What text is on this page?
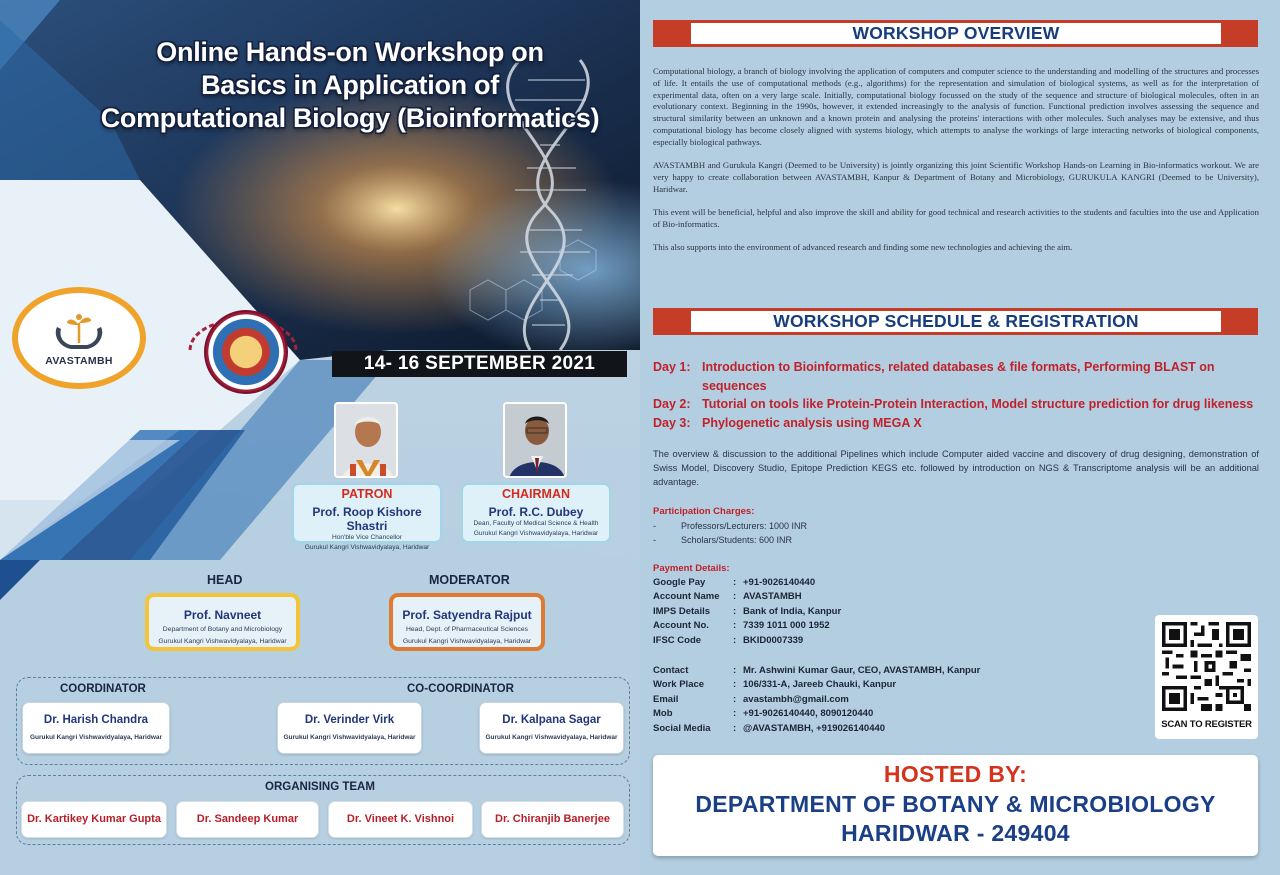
Online Hands-on Workshop on
Basics in Application of
Computational Biology (Bioinformatics)
AVASTAMBH	14- 16 SEPTEMBER 2021
PATRON
Prof. Roop Kishore Shastri
Hon'ble Vice Chancellor
Gurukul Kangri Vishwavidyalaya, Haridwar
CHAIRMAN
Prof. R.C. Dubey
Dean, Faculty of Medical Science & Health
Gurukul Kangri Vishwavidyalaya, Haridwar
HEAD	MODERATOR
Prof. Navneet
Department of Botany and Microbiology
Gurukul Kangri Vishwavidyalaya, Haridwar
Prof. Satyendra Rajput
Head, Dept. of Pharmaceutical Sciences
Gurukul Kangri Vishwavidyalaya, Haridwar
COORDINATOR	CO-COORDINATOR
Dr. Harish Chandra
Gurukul Kangri Vishwavidyalaya, Haridwar
Dr. Verinder Virk
Gurukul Kangri Vishwavidyalaya, Haridwar
Dr. Kalpana Sagar
Gurukul Kangri Vishwavidyalaya, Haridwar
ORGANISING TEAM
Dr. Kartikey Kumar Gupta	Dr. Sandeep Kumar	Dr. Vineet K. Vishnoi	Dr. Chiranjib Banerjee
WORKSHOP OVERVIEW

Computational biology, a branch of biology involving the application of computers and computer science to the understanding and modelling of the structures and processes of life. It entails the use of computational methods (e.g., algorithms) for the representation and simulation of biological systems, as well as for the interpretation of experimental data, often on a very large scale. Initially, computational biology focussed on the study of the sequence and structure of biological molecules, often in an evolutionary context. Beginning in the 1990s, however, it extended increasingly to the analysis of function. Functional prediction involves assessing the sequence and structural similarity between an unknown and a known protein and analysing the proteins' interactions with other molecules. Such analyses may be extensive, and thus computational biology has become closely aligned with systems biology, which attempts to analyse the workings of large interacting networks of biological components, especially biological pathways.

AVASTAMBH and Gurukula Kangri (Deemed to be University) is jointly organizing this joint Scientific Workshop Hands-on Learning in Bio-informatics workout. We are very happy to create collaboration between AVASTAMBH, Kanpur & Department of Botany and Microbiology, GURUKULA KANGRI (Deemed to be University), Haridwar.

This event will be beneficial, helpful and also improve the skill and ability for good technical and research activities to the students and faculties into the use and Application of Bio-informatics.

This also supports into the environment of advanced research and finding some new technologies and achieving the aim.

WORKSHOP SCHEDULE & REGISTRATION
Day 1: Introduction to Bioinformatics, related databases & file formats, Performing BLAST on sequences
Day 2: Tutorial on tools like Protein-Protein Interaction, Model structure prediction for drug likeness
Day 3: Phylogenetic analysis using MEGA X
The overview & discussion to the additional Pipelines which include Computer aided vaccine and discovery of drug designing, demonstration of Swiss Model, Discovery Studio, Epitope Prediction KEGS etc. followed by introduction on NGS & Transcriptome analysis will be an additional advantage.
Participation Charges:
-	Professors/Lecturers: 1000 INR
-	Scholars/Students: 600 INR
Payment Details:
Google Pay	: +91-9026140440
Account Name	: AVASTAMBH
IMPS Details	: Bank of India, Kanpur
Account No.	: 7339 1011 000 1952
IFSC Code	: BKID0007339
Contact	: Mr. Ashwini Kumar Gaur, CEO, AVASTAMBH, Kanpur
Work Place	: 106/331-A, Jareeb Chauki, Kanpur
Email	: avastambh@gmail.com
Mob	: +91-9026140440, 8090120440
Social Media	: @AVASTAMBH, +919026140440	SCAN TO REGISTER
HOSTED BY:
DEPARTMENT OF BOTANY & MICROBIOLOGY
HARIDWAR - 249404
